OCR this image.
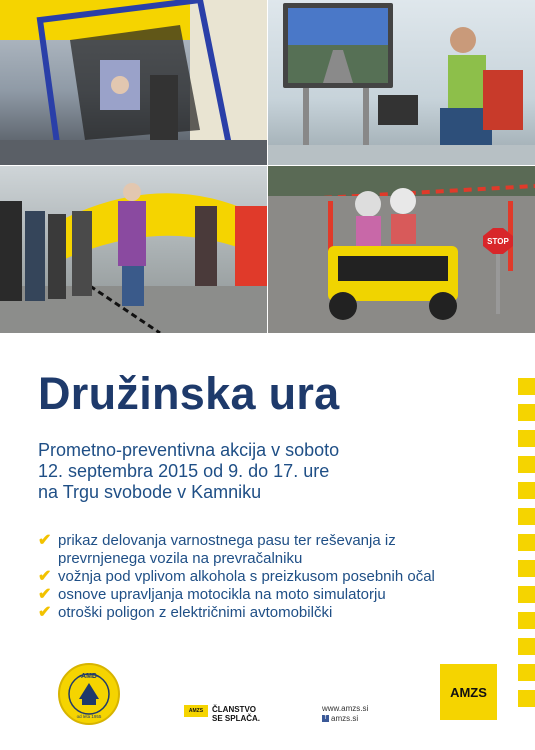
STOP
Družinska ura
Prometno-preventivna akcija v soboto
12. septembra 2015 od 9. do 17. ure
na Trgu svobode v Kamniku
✔ prikaz delovanja varnostnega pasu ter reševanja iz
prevrnjenega vozila na prevračalniku
✔ vožnja pod vplivom alkohola s preizkusom posebnih očal
✔ osnove upravljanja motocikla na moto simulatorju
✔ otroški poligon z električnimi avtomobilčki
AMD
od leta 1955
AMZS	ČLANSTVO
SE SPLAČA.
www.amzs.si
f amzs.si
AMZS
